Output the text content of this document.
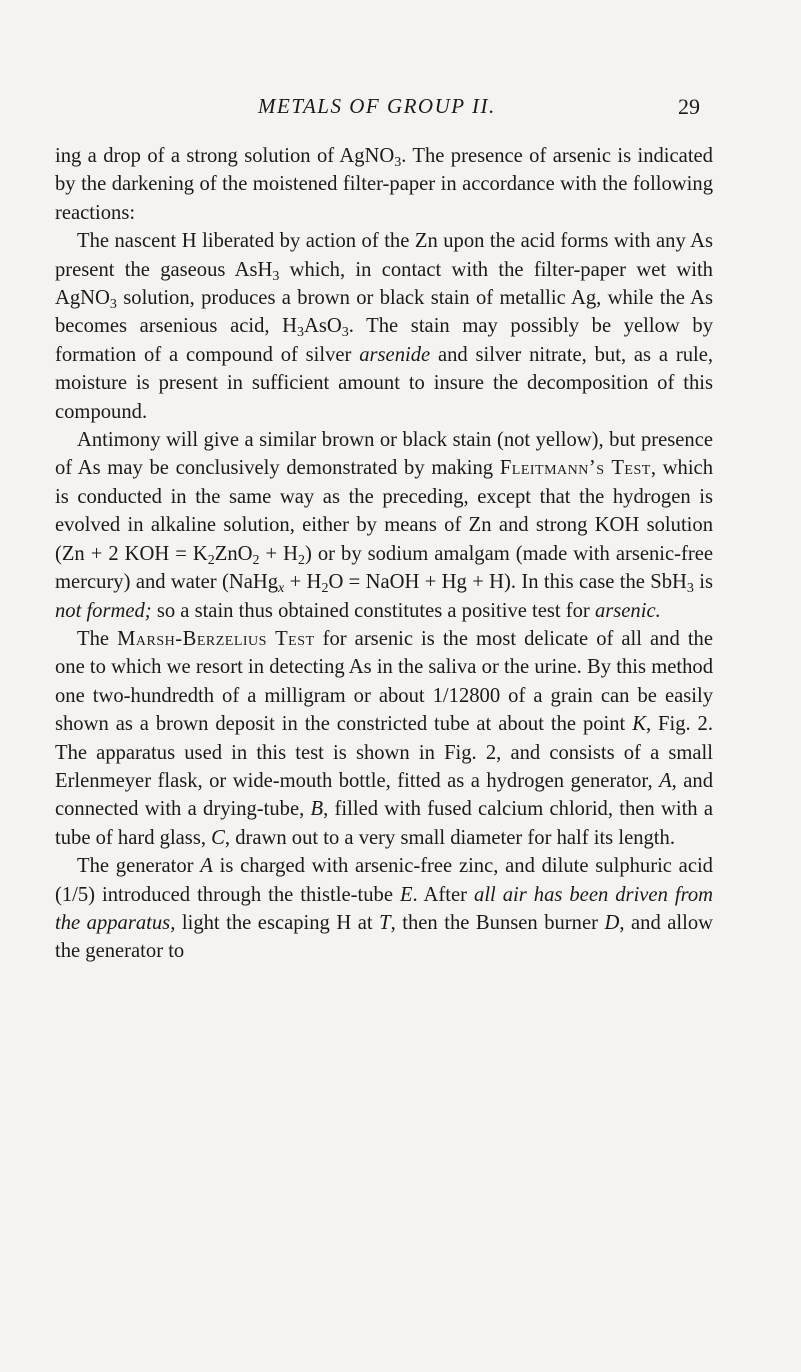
METALS OF GROUP II.	29

ing a drop of a strong solution of AgNO$_3$. The presence of arsenic is indicated by the darkening of the moistened filter-paper in accordance with the following reactions:

The nascent H liberated by action of the Zn upon the acid forms with any As present the gaseous AsH$_3$ which, in contact with the filter-paper wet with AgNO$_3$ solution, produces a brown or black stain of metallic Ag, while the As becomes arsenious acid, $H_3AsO_3$. The stain may possibly be yellow by formation of a compound of silver arsenide and silver nitrate, but, as a rule, moisture is present in sufficient amount to insure the decomposition of this compound.

Antimony will give a similar brown or black stain (not yellow), but presence of As may be conclusively demonstrated by making Fleitmann’s Test, which is conducted in the same way as the preceding, except that the hydrogen is evolved in alkaline solution, either by means of Zn and strong KOH solution (Zn + 2 KOH = $K_2ZnO_2 + H_2$) or by sodium amalgam (made with arsenic-free mercury) and water (NaHg$_x$ + $H_2O$ = NaOH + Hg + H). In this case the SbH$_3$ is not formed; so a stain thus obtained constitutes a positive test for arsenic.

The Marsh-Berzelius Test for arsenic is the most delicate of all and the one to which we resort in detecting As in the saliva or the urine. By this method one two-hundredth of a milligram or about 1/12800 of a grain can be easily shown as a brown deposit in the constricted tube at about the point K, Fig. 2. The apparatus used in this test is shown in Fig. 2, and consists of a small Erlenmeyer flask, or wide-mouth bottle, fitted as a hydrogen generator, A, and connected with a drying-tube, B, filled with fused calcium chlorid, then with a tube of hard glass, C, drawn out to a very small diameter for half its length.

The generator A is charged with arsenic-free zinc, and dilute sulphuric acid (1/5) introduced through the thistle-tube E. After all air has been driven from the apparatus, light the escaping H at T, then the Bunsen burner D, and allow the generator to
